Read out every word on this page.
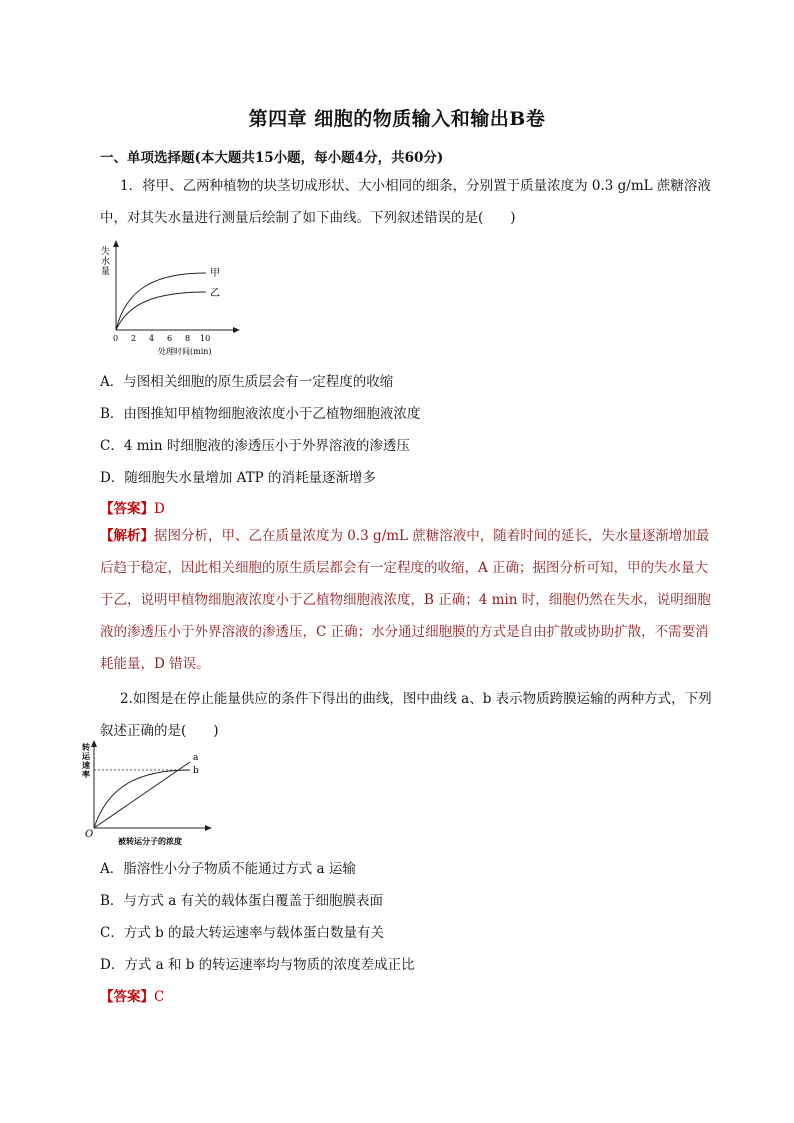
第四章 细胞的物质输入和输出B卷
一、单项选择题(本大题共15小题，每小题4分，共60分)

1．将甲、乙两种植物的块茎切成形状、大小相同的细条，分别置于质量浓度为 0.3 g/mL 蔗糖溶液中，对其失水量进行测量后绘制了如下曲线。下列叙述错误的是(　　)

失
水
量	甲
乙
0 2 4 6 8 10
处理时间(min)

A．与图相关细胞的原生质层会有一定程度的收缩

B．由图推知甲植物细胞液浓度小于乙植物细胞液浓度

C．4 min 时细胞液的渗透压小于外界溶液的渗透压

D．随细胞失水量增加 ATP 的消耗量逐渐增多

【答案】D

【解析】据图分析，甲、乙在质量浓度为 0.3 g/mL 蔗糖溶液中，随着时间的延长，失水量逐渐增加最后趋于稳定，因此相关细胞的原生质层都会有一定程度的收缩，A 正确；据图分析可知，甲的失水量大于乙，说明甲植物细胞液浓度小于乙植物细胞液浓度，B 正确；4 min 时，细胞仍然在失水，说明细胞液的渗透压小于外界溶液的渗透压，C 正确；水分通过细胞膜的方式是自由扩散或协助扩散，不需要消耗能量，D 错误。

2.如图是在停止能量供应的条件下得出的曲线，图中曲线 a、b 表示物质跨膜运输的两种方式，下列叙述正确的是(　　)

转
运
速
率
a
b
O
被转运分子的浓度

A．脂溶性小分子物质不能通过方式 a 运输

B．与方式 a 有关的载体蛋白覆盖于细胞膜表面

C．方式 b 的最大转运速率与载体蛋白数量有关

D．方式 a 和 b 的转运速率均与物质的浓度差成正比

【答案】C
